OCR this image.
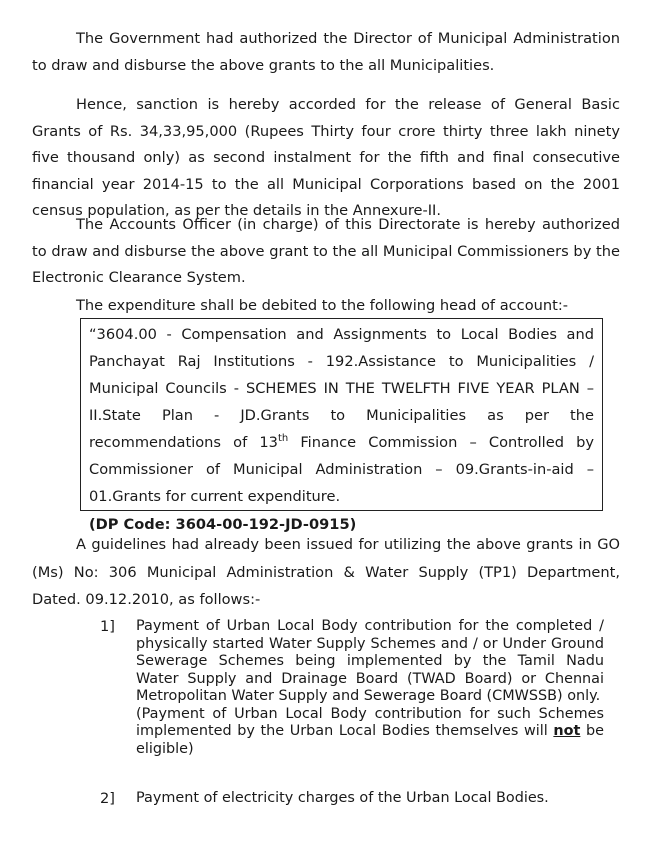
The Government had authorized the Director of Municipal Administration to draw and disburse the above grants to the all Municipalities.

Hence, sanction is hereby accorded for the release of General Basic Grants of Rs. 34,33,95,000 (Rupees Thirty four crore thirty three lakh ninety five thousand only) as second instalment for the fifth and final consecutive financial year 2014-15 to the all Municipal Corporations based on the 2001 census population, as per the details in the Annexure-II.

The Accounts Officer (in charge) of this Directorate is hereby authorized to draw and disburse the above grant to the all Municipal Commissioners by the Electronic Clearance System.

The expenditure shall be debited to the following head of account:-

“3604.00 - Compensation and Assignments to Local Bodies and Panchayat Raj Institutions - 192.Assistance to Municipalities / Municipal Councils - SCHEMES IN THE TWELFTH FIVE YEAR PLAN – II.State Plan - JD.Grants to Municipalities as per the recommendations of 13th Finance Commission – Controlled by Commissioner of Municipal Administration – 09.Grants-in-aid – 01.Grants for current expenditure.

(DP Code: 3604-00-192-JD-0915)

A guidelines had already been issued for utilizing the above grants in GO (Ms) No: 306 Municipal Administration & Water Supply (TP1) Department, Dated. 09.12.2010, as follows:-

1]	Payment of Urban Local Body contribution for the completed / physically started Water Supply Schemes and / or Under Ground Sewerage Schemes being implemented by the Tamil Nadu Water Supply and Drainage Board (TWAD Board) or Chennai Metropolitan Water Supply and Sewerage Board (CMWSSB) only.

(Payment of Urban Local Body contribution for such Schemes implemented by the Urban Local Bodies themselves will not be eligible)

2]	Payment of electricity charges of the Urban Local Bodies.
